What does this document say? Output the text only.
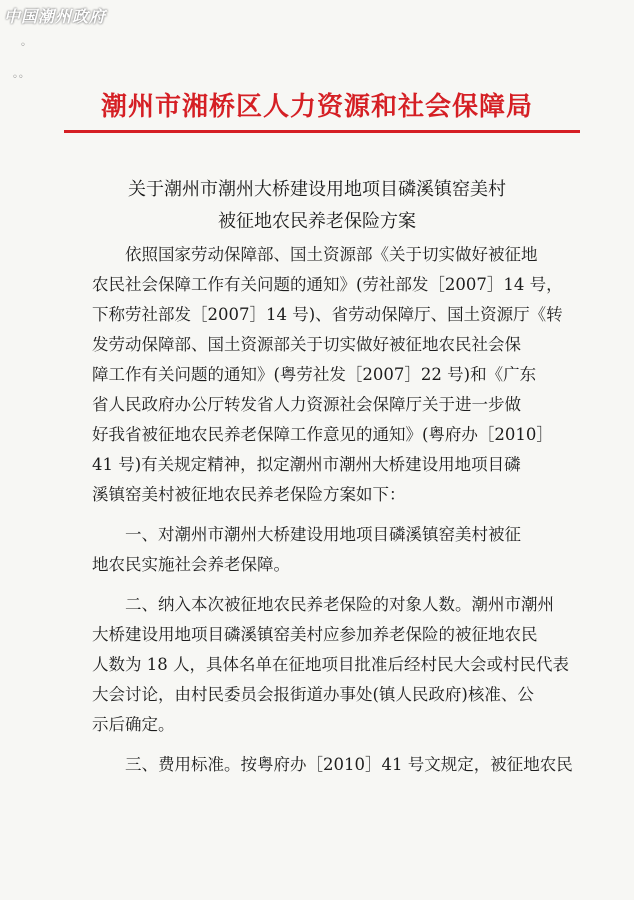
中国潮州政府
◦
◦◦
潮州市湘桥区人力资源和社会保障局
关于潮州市潮州大桥建设用地项目磷溪镇窑美村
被征地农民养老保险方案
依照国家劳动保障部、国土资源部《关于切实做好被征地
农民社会保障工作有关问题的通知》(劳社部发［2007］14 号，
下称劳社部发［2007］14 号)、省劳动保障厅、国土资源厅《转
发劳动保障部、国土资源部关于切实做好被征地农民社会保
障工作有关问题的通知》(粤劳社发［2007］22 号)和《广东
省人民政府办公厅转发省人力资源社会保障厅关于进一步做
好我省被征地农民养老保障工作意见的通知》(粤府办［2010］
41 号)有关规定精神，拟定潮州市潮州大桥建设用地项目磷
溪镇窑美村被征地农民养老保险方案如下：
一、对潮州市潮州大桥建设用地项目磷溪镇窑美村被征
地农民实施社会养老保障。
二、纳入本次被征地农民养老保险的对象人数。潮州市潮州
大桥建设用地项目磷溪镇窑美村应参加养老保险的被征地农民
人数为 18 人，具体名单在征地项目批准后经村民大会或村民代表
大会讨论，由村民委员会报街道办事处(镇人民政府)核准、公
示后确定。
三、费用标准。按粤府办［2010］41 号文规定，被征地农民
